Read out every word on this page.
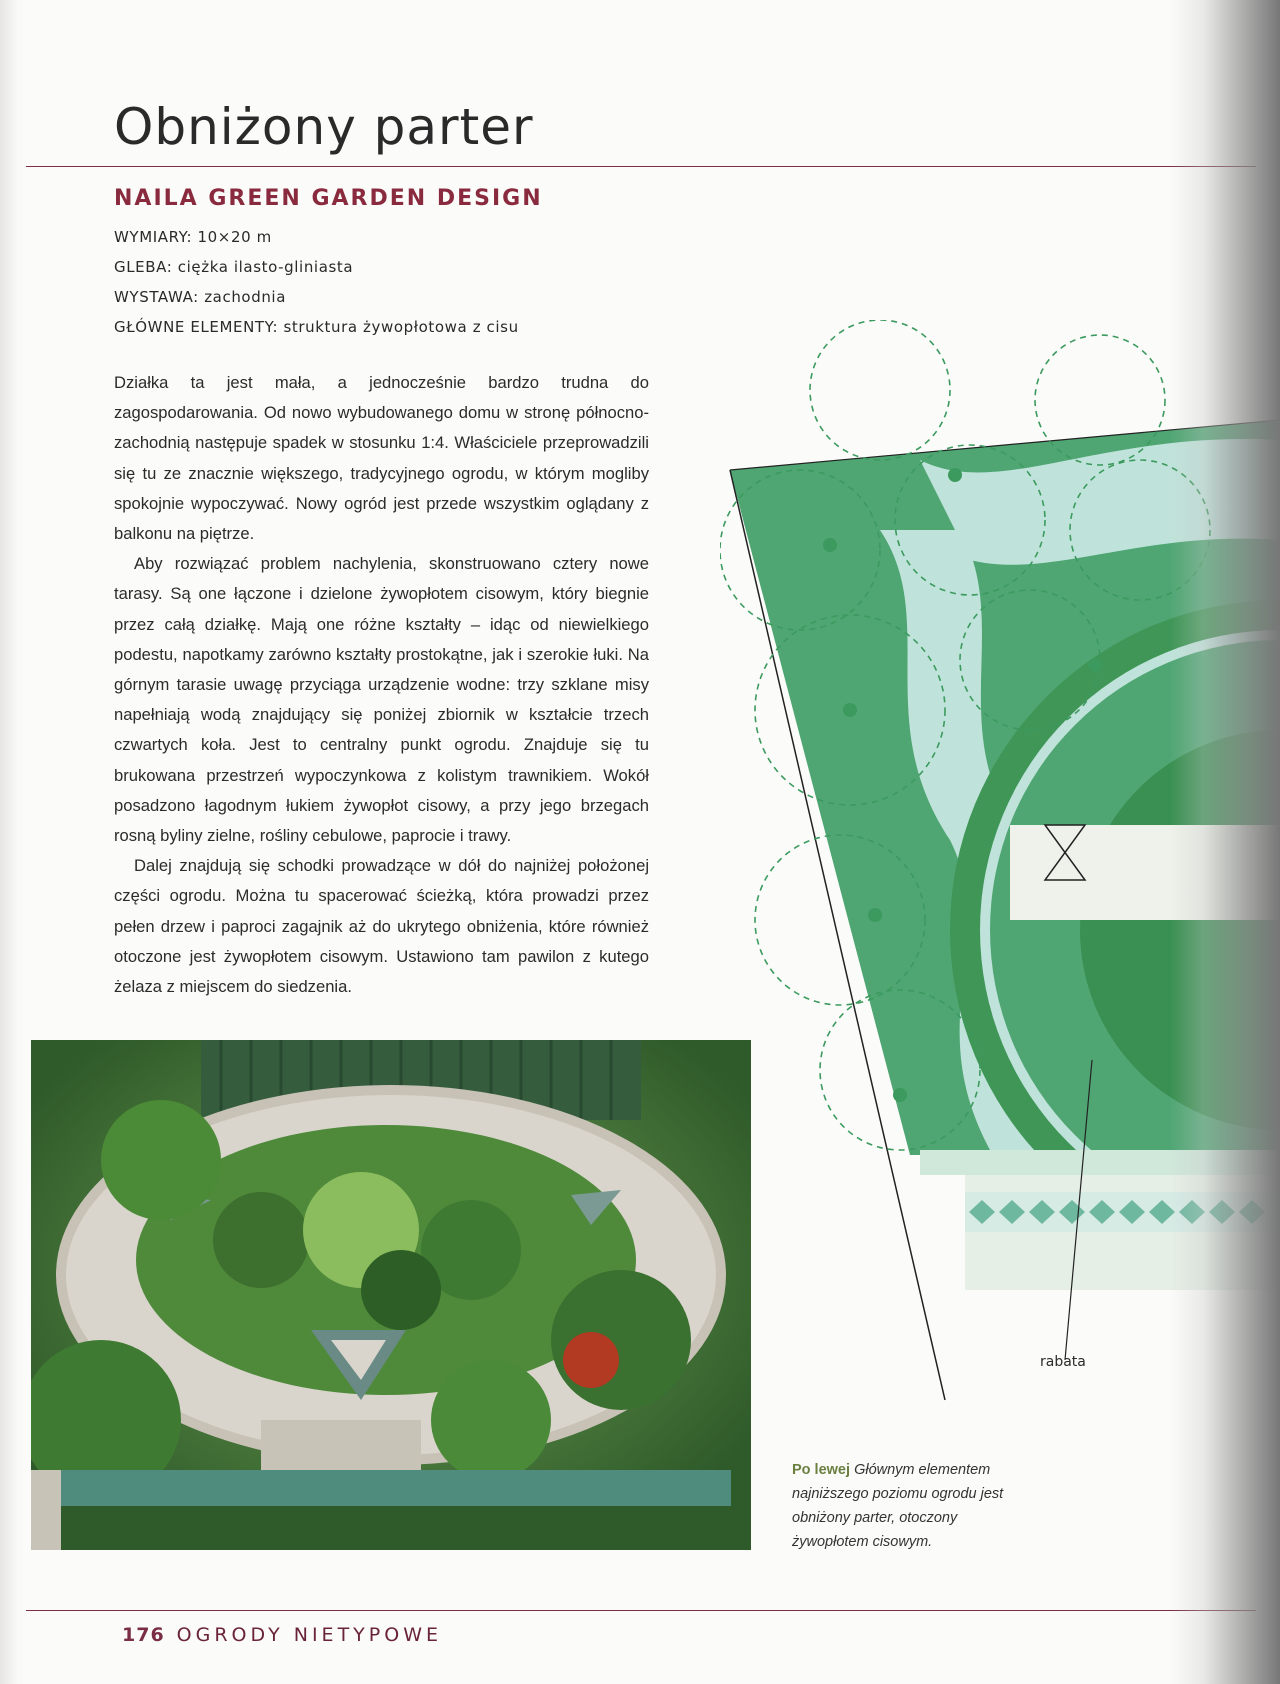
Obniżony parter
NAILA GREEN GARDEN DESIGN
WYMIARY: 10×20 m
GLEBA: ciężka ilasto-gliniasta
WYSTAWA: zachodnia
GŁÓWNE ELEMENTY: struktura żywopłotowa z cisu

Działka ta jest mała, a jednocześnie bardzo trudna do zagospodarowania. Od nowo wybudowanego domu w stronę północno-zachodnią następuje spadek w stosunku 1:4. Właściciele przeprowadzili się tu ze znacznie większego, tradycyjnego ogrodu, w którym mogliby spokojnie wypoczywać. Nowy ogród jest przede wszystkim oglądany z balkonu na piętrze.

Aby rozwiązać problem nachylenia, skonstruowano cztery nowe tarasy. Są one łączone i dzielone żywopłotem cisowym, który biegnie przez całą działkę. Mają one różne kształty – idąc od niewielkiego podestu, napotkamy zarówno kształty prostokątne, jak i szerokie łuki. Na górnym tarasie uwagę przyciąga urządzenie wodne: trzy szklane misy napełniają wodą znajdujący się poniżej zbiornik w kształcie trzech czwartych koła. Jest to centralny punkt ogrodu. Znajduje się tu brukowana przestrzeń wypoczynkowa z kolistym trawnikiem. Wokół posadzono łagodnym łukiem żywopłot cisowy, a przy jego brzegach rosną byliny zielne, rośliny cebulowe, paprocie i trawy.

Dalej znajdują się schodki prowadzące w dół do najniżej położonej części ogrodu. Można tu spacerować ścieżką, która prowadzi przez pełen drzew i paproci zagajnik aż do ukrytego obniżenia, które również otoczone jest żywopłotem cisowym. Ustawiono tam pawilon z kutego żelaza z miejscem do siedzenia.

rabata

Po lewej Głównym elementem najniższego poziomu ogrodu jest obniżony parter, otoczony żywopłotem cisowym.

176 OGRODY NIETYPOWE
